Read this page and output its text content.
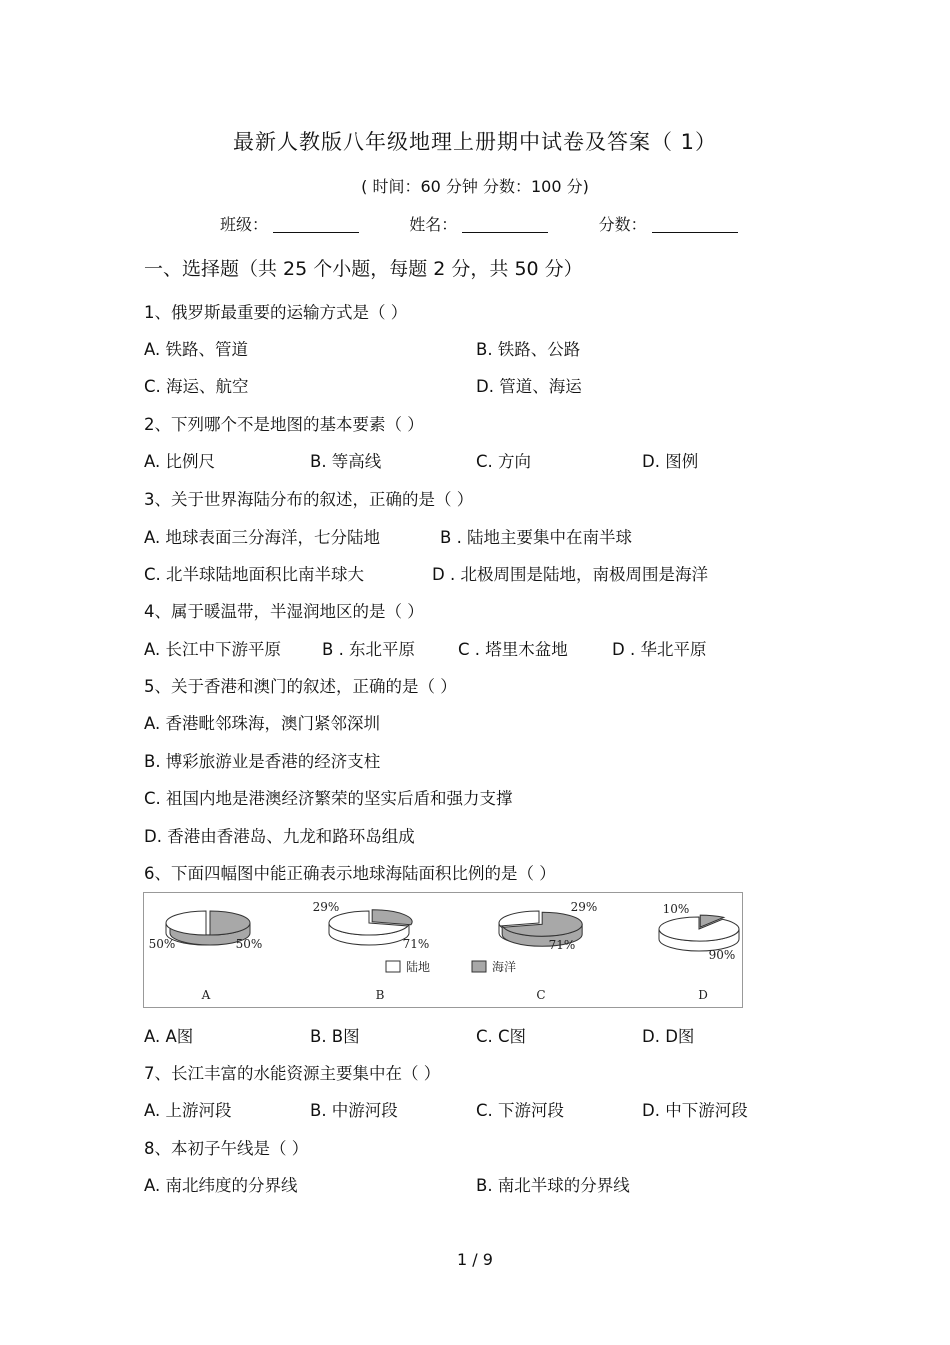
最新人教版八年级地理上册期中试卷及答案（ 1）
( 时间：60 分钟 分数：100 分)
班级：	姓名：	分数：
一、选择题（共 25 个小题，每题 2 分，共 50 分）
1、俄罗斯最重要的运输方式是（ ）
A. 铁路、管道	B. 铁路、公路
C. 海运、航空	D. 管道、海运
2、下列哪个不是地图的基本要素（ ）
A. 比例尺	B. 等高线	C. 方向	D. 图例
3、关于世界海陆分布的叙述，正确的是（ ）
A. 地球表面三分海洋，七分陆地	B . 陆地主要集中在南半球
C. 北半球陆地面积比南半球大	D . 北极周围是陆地，南极周围是海洋
4、属于暖温带，半湿润地区的是（ ）
A. 长江中下游平原 B . 东北平原	C . 塔里木盆地	D . 华北平原
5、关于香港和澳门的叙述，正确的是（ ）
A. 香港毗邻珠海，澳门紧邻深圳
B. 博彩旅游业是香港的经济支柱
C. 祖国内地是港澳经济繁荣的坚实后盾和强力支撑
D. 香港由香港岛、九龙和路环岛组成
6、下面四幅图中能正确表示地球海陆面积比例的是（ ）
50%	50%
A
29%
71%
B
29%
71%
C
10%
90%
D
陆地	海洋
A. A图	B. B图	C. C图	D. D图
7、长江丰富的水能资源主要集中在（ ）
A. 上游河段	B. 中游河段	C. 下游河段	D. 中下游河段
8、本初子午线是（ ）
A. 南北纬度的分界线	B. 南北半球的分界线
1 / 9
